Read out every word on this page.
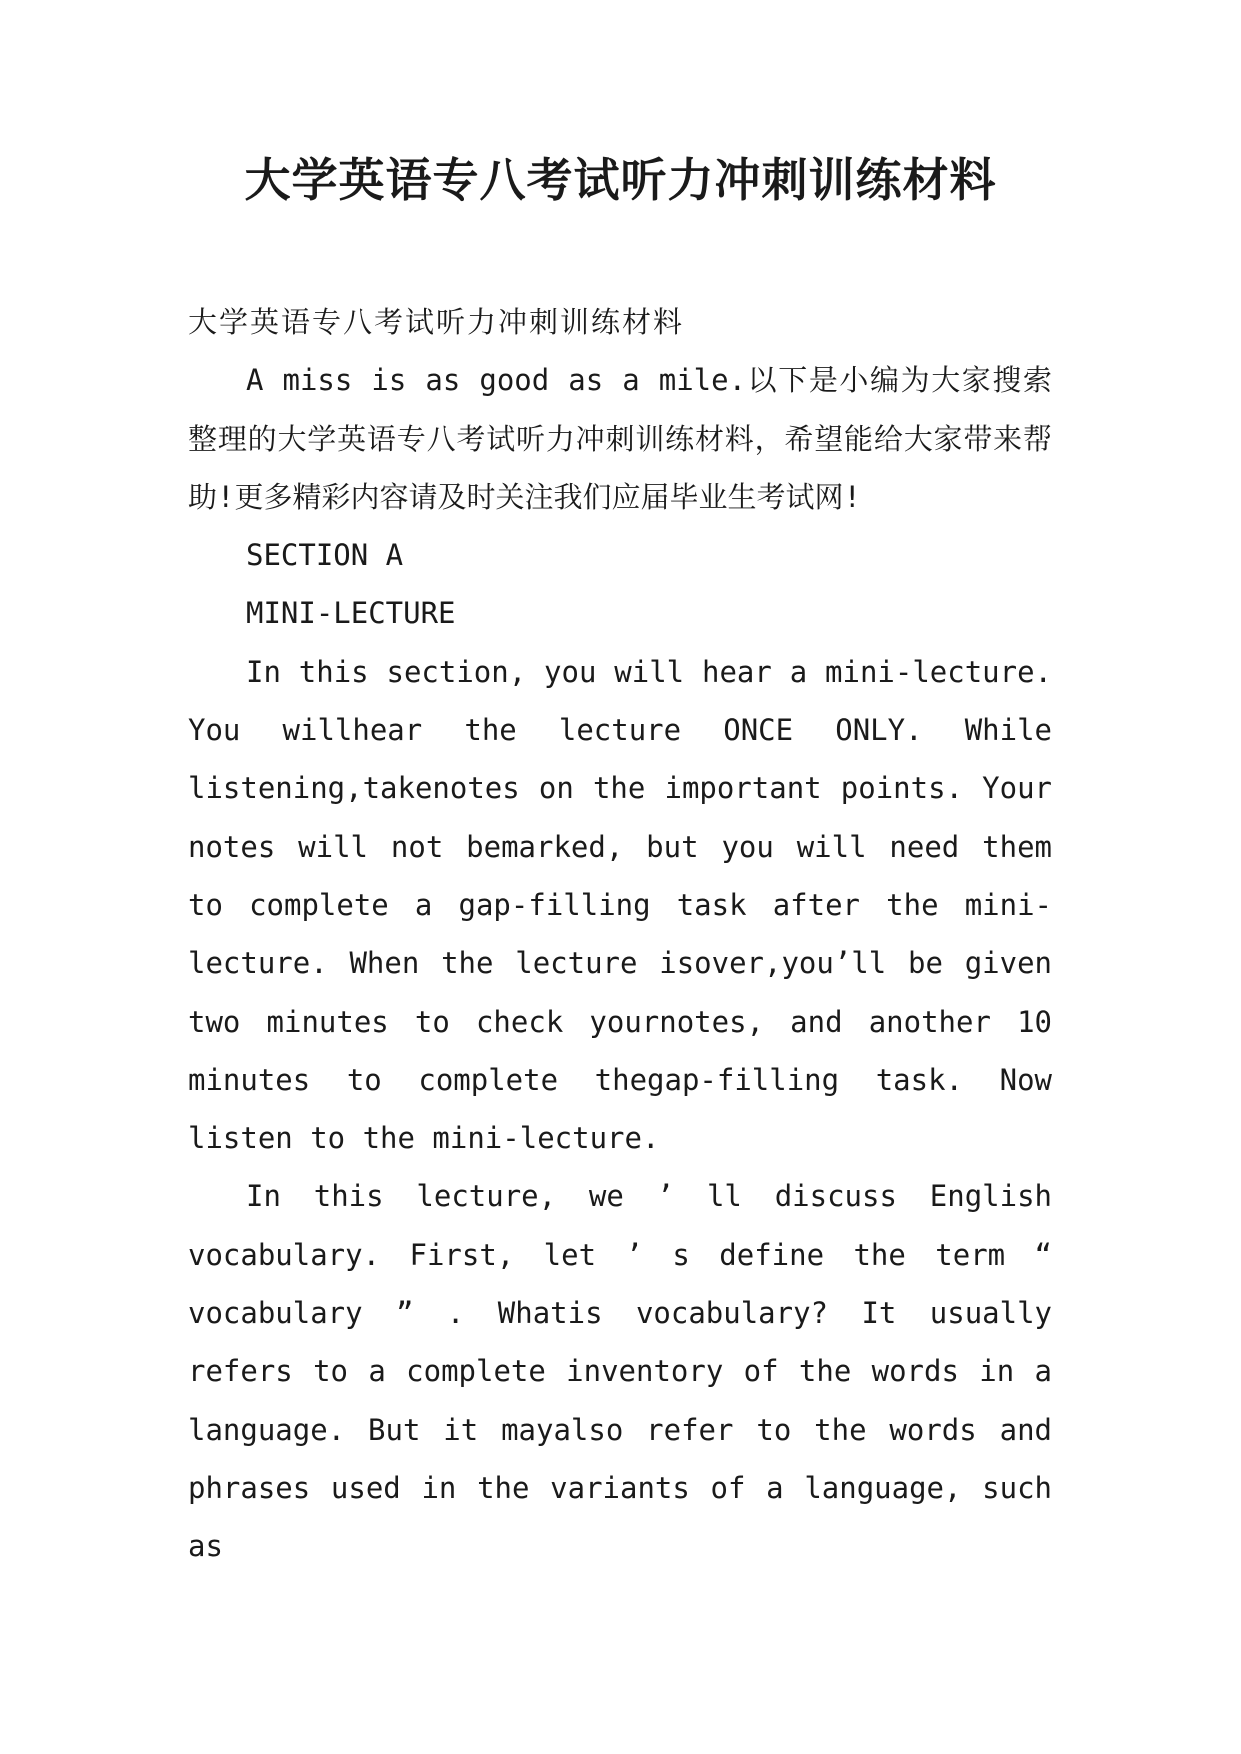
大学英语专八考试听力冲刺训练材料

大学英语专八考试听力冲刺训练材料

A miss is as good as a mile.以下是小编为大家搜索整理的大学英语专八考试听力冲刺训练材料，希望能给大家带来帮助!更多精彩内容请及时关注我们应届毕业生考试网!

SECTION A

MINI-LECTURE

In this section, you will hear a mini-lecture. You willhear the lecture ONCE ONLY. While listening,takenotes on the important points. Your notes will not bemarked, but you will need them to complete a gap-filling task after the mini-lecture. When the lecture isover,you’ll be given two minutes to check yournotes, and another 10 minutes to complete thegap-filling task. Now listen to the mini-lecture.

In this lecture, we ’ ll discuss English vocabulary. First, let ’ s define the term “ vocabulary ” . Whatis vocabulary? It usually refers to a complete inventory of the words in a language. But it mayalso refer to the words and phrases used in the variants of a language, such as
